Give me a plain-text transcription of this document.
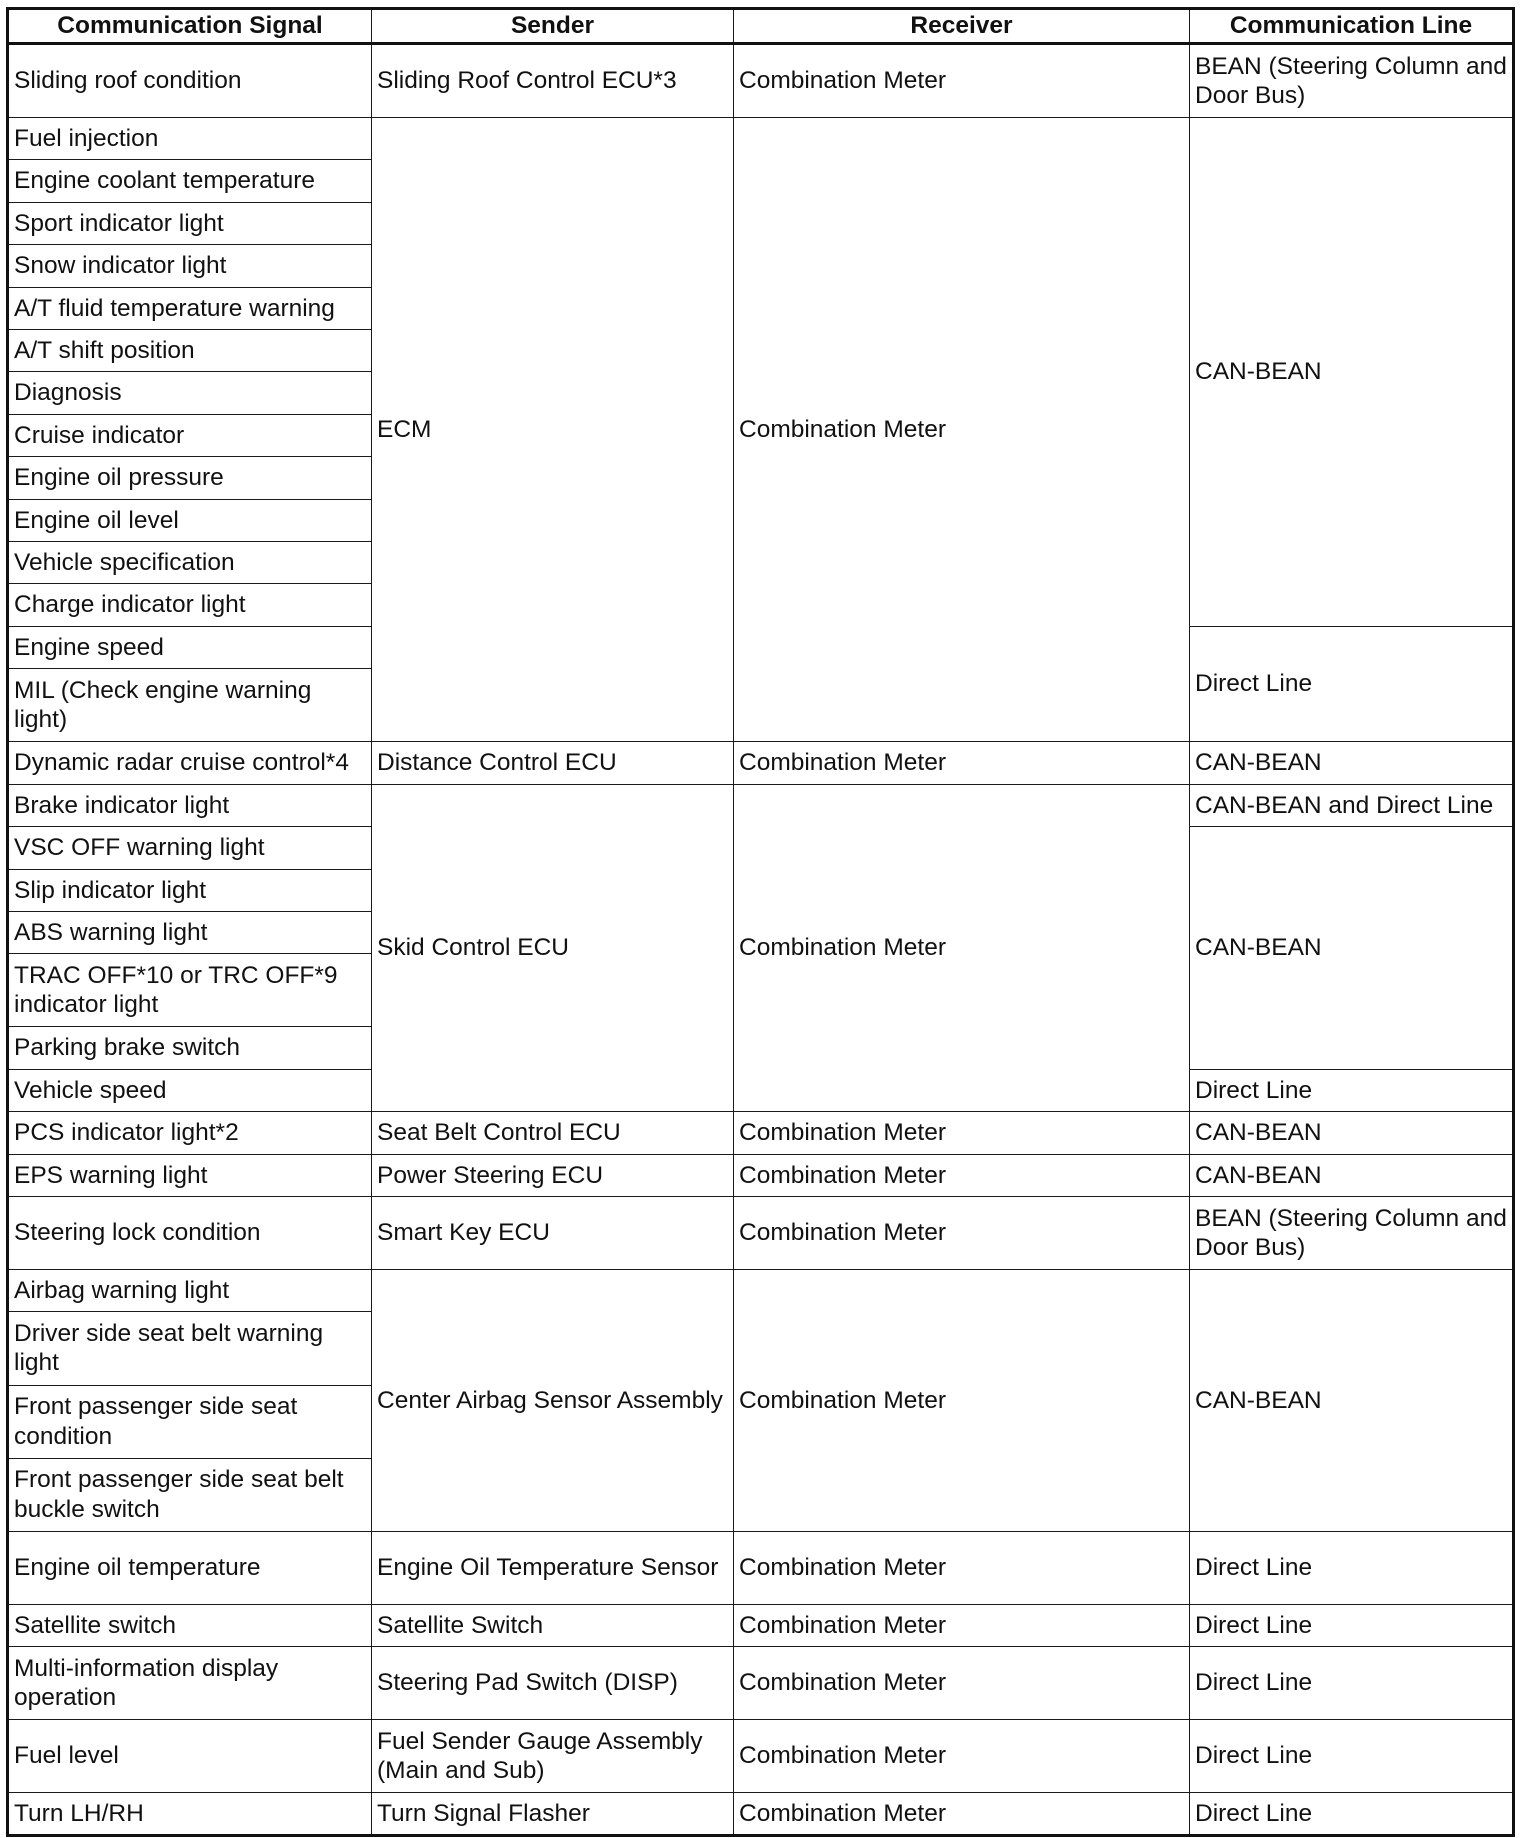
Communication Signal	Sender	Receiver	Communication Line
Sliding roof condition	Sliding Roof Control ECU*3	Combination Meter	BEAN (Steering Column and Door Bus)
Fuel injection	ECM	Combination Meter	CAN-BEAN
Engine coolant temperature			
Sport indicator light			
Snow indicator light			
A/T fluid temperature warning			
A/T shift position			
Diagnosis			
Cruise indicator			
Engine oil pressure			
Engine oil level			
Vehicle specification			
Charge indicator light			
Engine speed			Direct Line
MIL (Check engine warning light)			
Dynamic radar cruise control*4	Distance Control ECU	Combination Meter	CAN-BEAN
Brake indicator light	Skid Control ECU	Combination Meter	CAN-BEAN and Direct Line
VSC OFF warning light			CAN-BEAN
Slip indicator light			
ABS warning light			
TRAC OFF*10 or TRC OFF*9 indicator light			
Parking brake switch			
Vehicle speed			Direct Line
PCS indicator light*2	Seat Belt Control ECU	Combination Meter	CAN-BEAN
EPS warning light	Power Steering ECU	Combination Meter	CAN-BEAN
Steering lock condition	Smart Key ECU	Combination Meter	BEAN (Steering Column and Door Bus)
Airbag warning light	Center Airbag Sensor Assembly	Combination Meter	CAN-BEAN
Driver side seat belt warning light			
Front passenger side seat condition			
Front passenger side seat belt buckle switch			
Engine oil temperature	Engine Oil Temperature Sensor	Combination Meter	Direct Line
Satellite switch	Satellite Switch	Combination Meter	Direct Line
Multi-information display operation	Steering Pad Switch (DISP)	Combination Meter	Direct Line
Fuel level	Fuel Sender Gauge Assembly (Main and Sub)	Combination Meter	Direct Line
Turn LH/RH	Turn Signal Flasher	Combination Meter	Direct Line
